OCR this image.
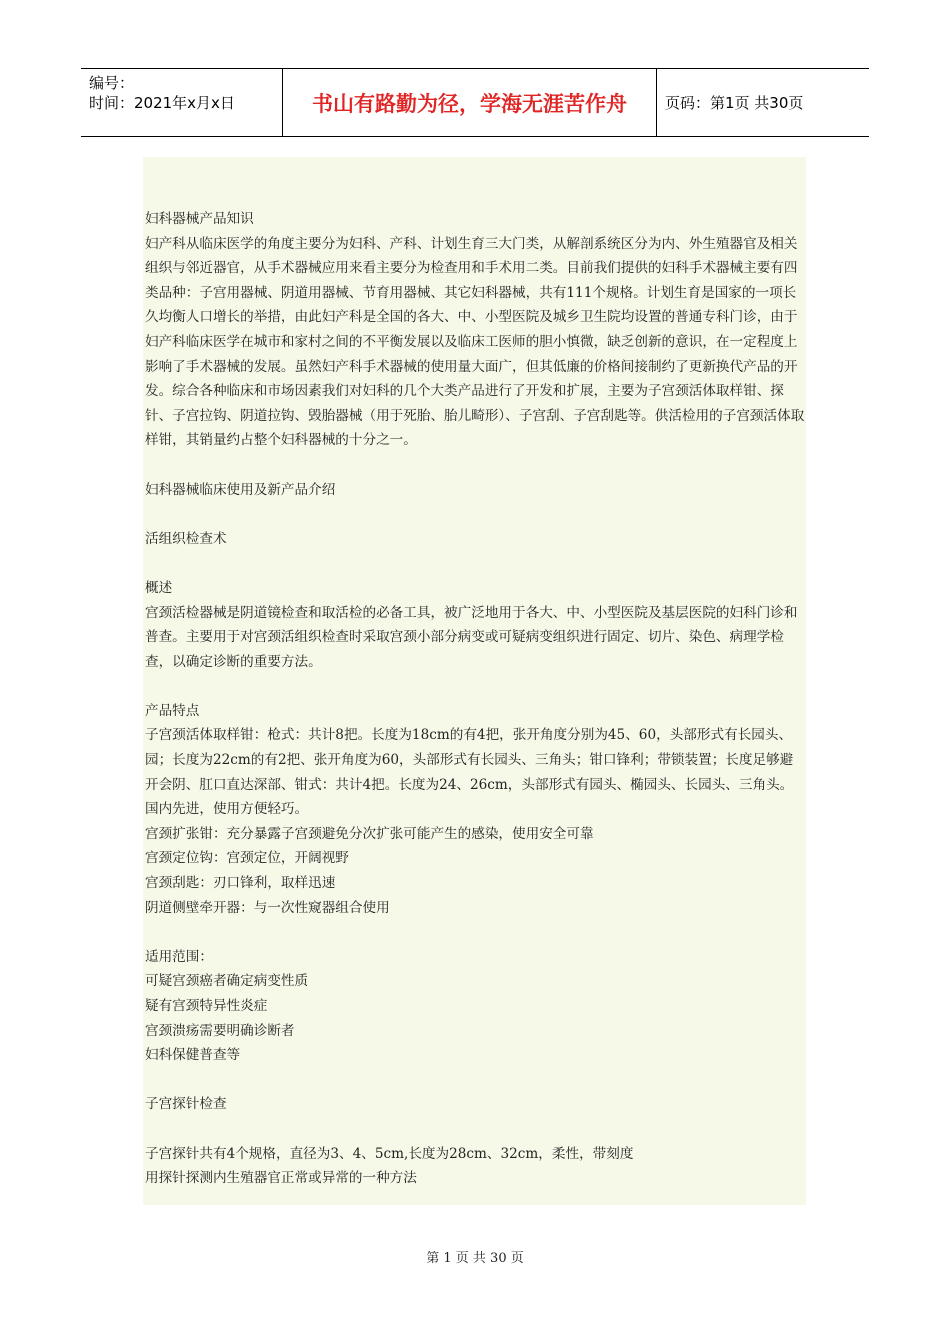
编号：
时间：2021年x月x日	书山有路勤为径，学海无涯苦作舟	页码：第1页 共30页

妇科器械产品知识

妇产科从临床医学的角度主要分为妇科、产科、计划生育三大门类，从解剖系统区分为内、外生殖器官及相关组织与邻近器官，从手术器械应用来看主要分为检查用和手术用二类。目前我们提供的妇科手术器械主要有四类品种：子宫用器械、阴道用器械、节育用器械、其它妇科器械，共有111个规格。计划生育是国家的一项长久均衡人口增长的举措，由此妇产科是全国的各大、中、小型医院及城乡卫生院均设置的普通专科门诊，由于妇产科临床医学在城市和家村之间的不平衡发展以及临床工医师的胆小慎微，缺乏创新的意识，在一定程度上影响了手术器械的发展。虽然妇产科手术器械的使用量大面广，但其低廉的价格间接制约了更新换代产品的开发。综合各种临床和市场因素我们对妇科的几个大类产品进行了开发和扩展，主要为子宫颈活体取样钳、探针、子宫拉钩、阴道拉钩、毁胎器械（用于死胎、胎儿畸形）、子宫刮、子宫刮匙等。供活检用的子宫颈活体取样钳，其销量约占整个妇科器械的十分之一。

妇科器械临床使用及新产品介绍

活组织检查术

概述

宫颈活检器械是阴道镜检查和取活检的必备工具，被广泛地用于各大、中、小型医院及基层医院的妇科门诊和普查。主要用于对宫颈活组织检查时采取宫颈小部分病变或可疑病变组织进行固定、切片、染色、病理学检查，以确定诊断的重要方法。

产品特点

子宫颈活体取样钳：枪式：共计8把。长度为18cm的有4把，张开角度分别为45、60，头部形式有长园头、园；长度为22cm的有2把、张开角度为60，头部形式有长园头、三角头；钳口锋利；带锁装置；长度足够避开会阴、肛口直达深部、钳式：共计4把。长度为24、26cm，头部形式有园头、椭园头、长园头、三角头。国内先进，使用方便轻巧。

宫颈扩张钳：充分暴露子宫颈避免分次扩张可能产生的感染，使用安全可靠

宫颈定位钩：宫颈定位，开阔视野

宫颈刮匙：刃口锋利，取样迅速

阴道侧壁牵开器：与一次性窥器组合使用

适用范围：

可疑宫颈癌者确定病变性质

疑有宫颈特异性炎症

宫颈溃疡需要明确诊断者

妇科保健普查等

子宫探针检查

子宫探针共有4个规格，直径为3、4、5cm,长度为28cm、32cm，柔性，带刻度

用探针探测内生殖器官正常或异常的一种方法

第 1 页 共 30 页
